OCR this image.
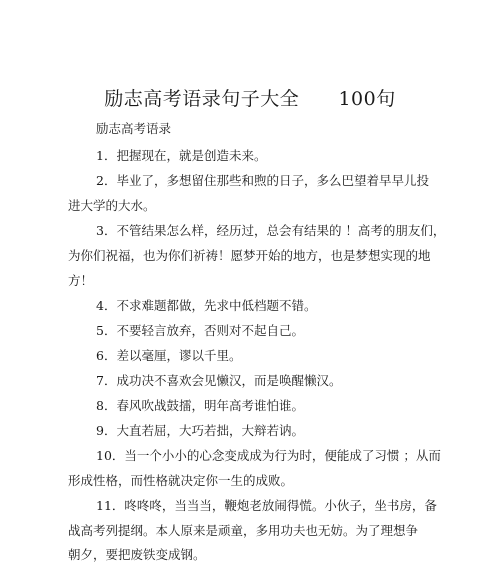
励志高考语录句子大全      100句
励志高考语录
1．把握现在，就是创造未来。
2．毕业了，多想留住那些和煦的日子，多么巴望着早早儿投
进大学的大水。
3．不管结果怎么样，经历过，总会有结果的 ！高考的朋友们，
为你们祝福，也为你们祈祷！愿梦开始的地方，也是梦想实现的地
方！
4．不求难题都做，先求中低档题不错。
5．不要轻言放弃，否则对不起自己。
6．差以毫厘，谬以千里。
7．成功决不喜欢会见懒汉，而是唤醒懒汉。
8．春风吹战鼓擂，明年高考谁怕谁。
9．大直若屈，大巧若拙，大辩若讷。
10．当一个小小的心念变成成为行为时，便能成了习惯 ；从而
形成性格，而性格就决定你一生的成败。
11．咚咚咚，当当当，鞭炮老放闹得慌。小伙子，坐书房，备
战高考列提纲。本人原来是顽童，多用功夫也无妨。为了理想争
朝夕，要把废铁变成钢。
